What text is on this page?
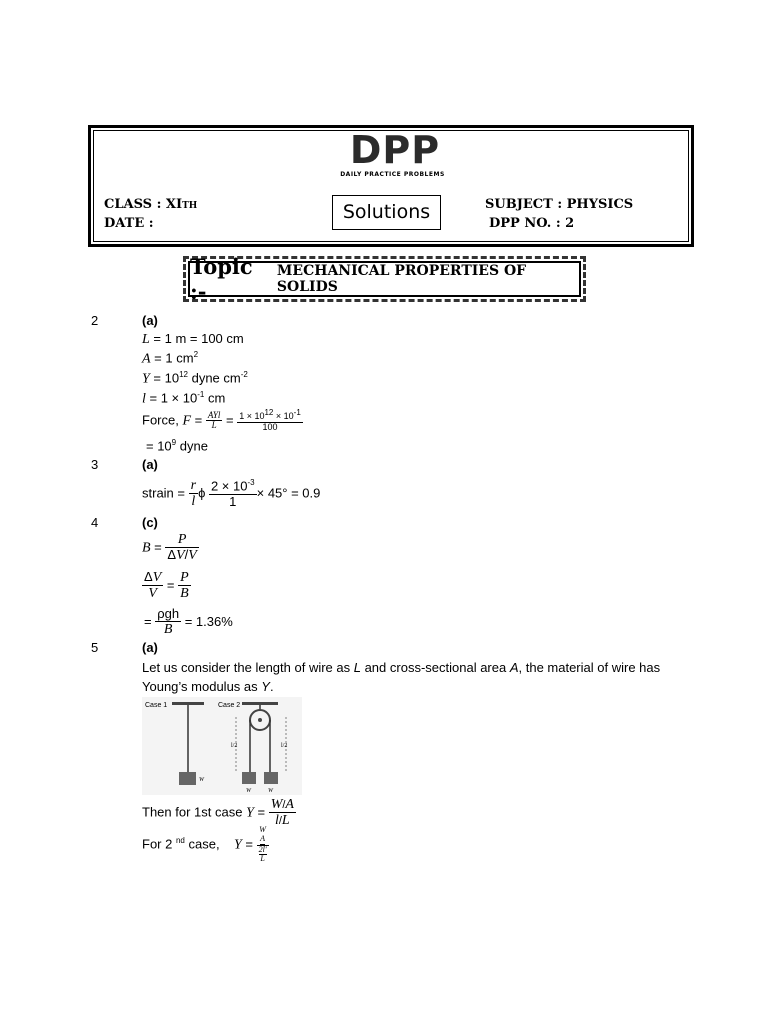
DPP
DAILY PRACTICE PROBLEMS
CLASS : XITH
DATE :
Solutions	SUBJECT : PHYSICS
DPP NO. : 2
Topic :-
MECHANICAL PROPERTIES OF SOLIDS
2	(a)
L = 1 m = 100 cm
A = 1 $cm^2$
$Y = 10^{12}$ dyne $cm^{-2}$
$l = 1 \times 10^{-1}$ cm
Force, $F = \frac{\text{AYl}}{L} = \frac{1 \times 10^{12} \times 10^{-1}}{100}$
= $10^9$ dyne
3	(a)
strain = $\frac{r}{l}$ ϕ $\frac{2 \times 10^{-3}}{1} \times 45^\circ = 0.9$
4	(c)
$B = \frac{P}{\Delta V/V}$
$\frac{\Delta V}{V} = \frac{P}{B}$
= $\frac{\text{ρgh}}{B} = 1.36\%$
5	(a)
Let us consider the length of wire as L and cross-sectional area A, the material of wire has Young’s modulus as Y.
Case 1
W
Case 2
W	W
l/2	l/2
Then for 1st case $Y = \frac{W/A}{l/L}$
For 2 $^{nd}$ case,    Y =
W
A
2l'
L
